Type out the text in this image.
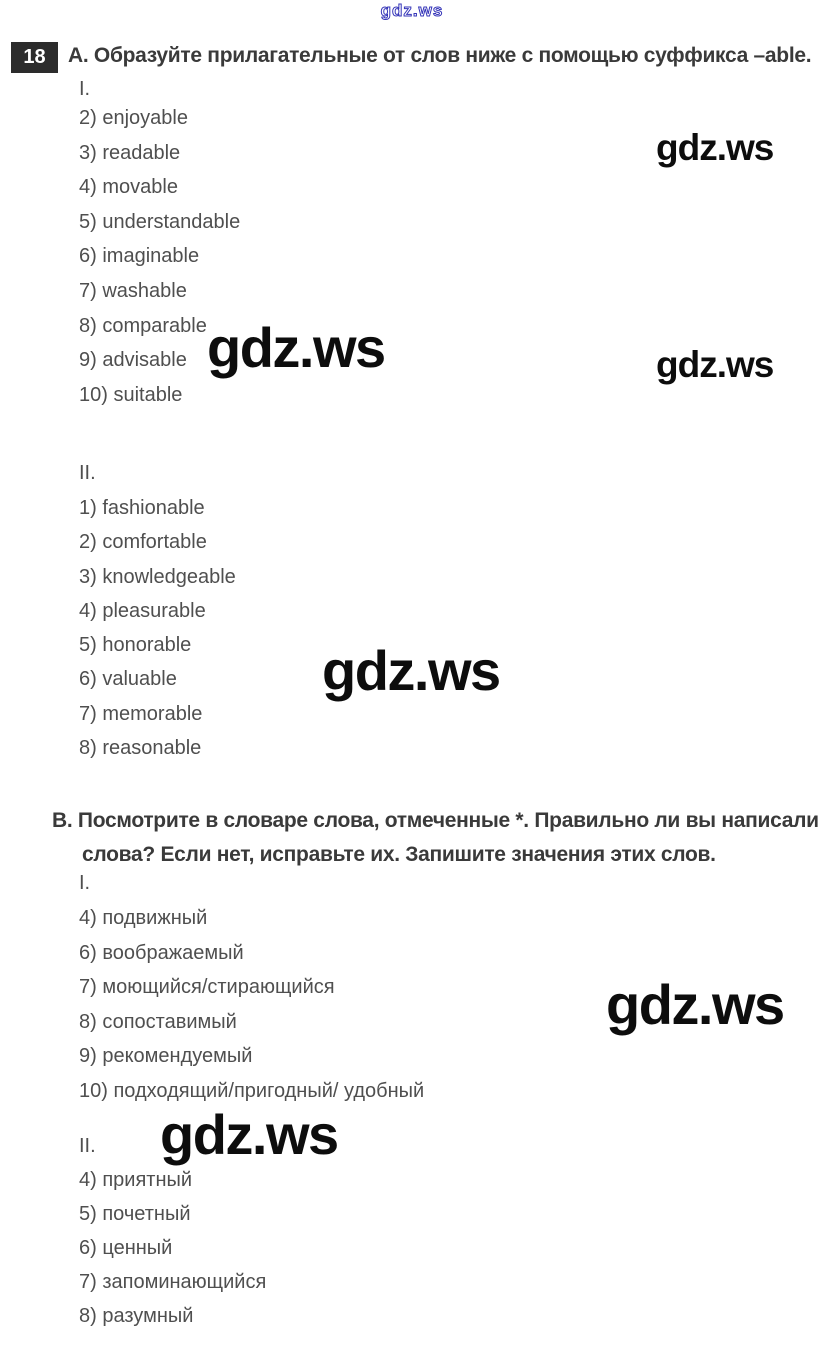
gdz.ws
18	А. Образуйте прилагательные от слов ниже с помощью суффикса –able.
I.
2) enjoyable
3) readable
4) movable
5) understandable
6) imaginable
7) washable
8) comparable
9) advisable
10) suitable
II.
1) fashionable
2) comfortable
3) knowledgeable
4) pleasurable
5) honorable
6) valuable
7) memorable
8) reasonable
В. Посмотрите в словаре слова, отмеченные *. Правильно ли вы написали
слова? Если нет, исправьте их. Запишите значения этих слов.
I.
4) подвижный
6) воображаемый
7) моющийся/стирающийся
8) сопоставимый
9) рекомендуемый
10) подходящий/пригодный/ удобный
II.
4) приятный
5) почетный
6) ценный
7) запоминающийся
8) разумный
gdz.ws
gdz.ws	gdz.ws
gdz.ws
gdz.ws
gdz.ws
